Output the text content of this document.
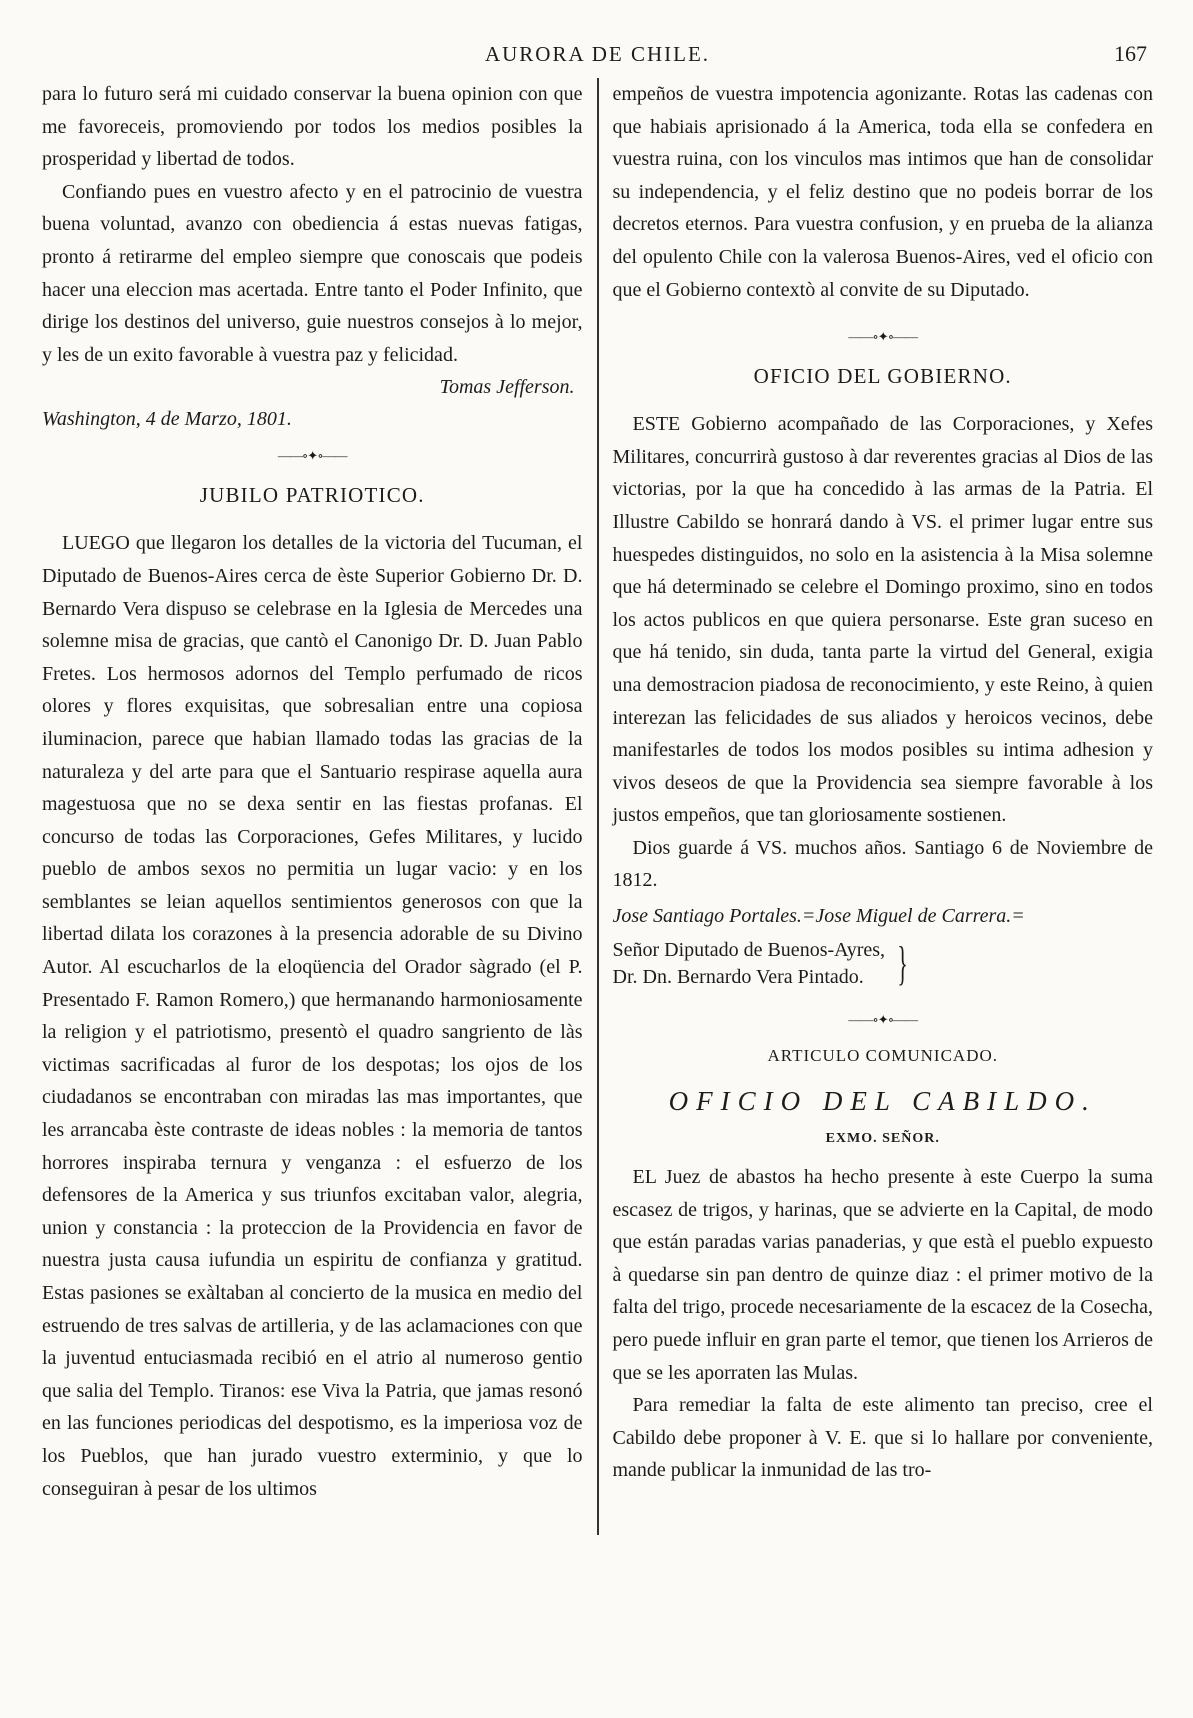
AURORA DE CHILE.	167

para lo futuro será mi cuidado conservar la buena opinion con que me favoreceis, promoviendo por todos los medios posibles la prosperidad y libertad de todos.

Confiando pues en vuestro afecto y en el patrocinio de vuestra buena voluntad, avanzo con obediencia á estas nuevas fatigas, pronto á retirarme del empleo siempre que conoscais que podeis hacer una eleccion mas acertada. Entre tanto el Poder Infinito, que dirige los destinos del universo, guie nuestros consejos à lo mejor, y les de un exito favorable à vuestra paz y felicidad.

Tomas Jefferson.

Washington, 4 de Marzo, 1801.

——∘✦∘——
JUBILO PATRIOTICO.

LUEGO que llegaron los detalles de la victoria del Tucuman, el Diputado de Buenos-Aires cerca de èste Superior Gobierno Dr. D. Bernardo Vera dispuso se celebrase en la Iglesia de Mercedes una solemne misa de gracias, que cantò el Canonigo Dr. D. Juan Pablo Fretes. Los hermosos adornos del Templo perfumado de ricos olores y flores exquisitas, que sobresalian entre una copiosa iluminacion, parece que habian llamado todas las gracias de la naturaleza y del arte para que el Santuario respirase aquella aura magestuosa que no se dexa sentir en las fiestas profanas. El concurso de todas las Corporaciones, Gefes Militares, y lucido pueblo de ambos sexos no permitia un lugar vacio: y en los semblantes se leian aquellos sentimientos generosos con que la libertad dilata los corazones à la presencia adorable de su Divino Autor. Al escucharlos de la eloqüencia del Orador sàgrado (el P. Presentado F. Ramon Romero,) que hermanando harmoniosamente la religion y el patriotismo, presentò el quadro sangriento de làs victimas sacrificadas al furor de los despotas; los ojos de los ciudadanos se encontraban con miradas las mas importantes, que les arrancaba èste contraste de ideas nobles : la memoria de tantos horrores inspiraba ternura y venganza : el esfuerzo de los defensores de la America y sus triunfos excitaban valor, alegria, union y constancia : la proteccion de la Providencia en favor de nuestra justa causa iufundia un espiritu de confianza y gratitud. Estas pasiones se exàltaban al concierto de la musica en medio del estruendo de tres salvas de artilleria, y de las aclamaciones con que la juventud entuciasmada recibió en el atrio al numeroso gentio que salia del Templo. Tiranos: ese Viva la Patria, que jamas resonó en las funciones periodicas del despotismo, es la imperiosa voz de los Pueblos, que han jurado vuestro exterminio, y que lo conseguiran à pesar de los ultimos

empeños de vuestra impotencia agonizante. Rotas las cadenas con que habiais aprisionado á la America, toda ella se confedera en vuestra ruina, con los vinculos mas intimos que han de consolidar su independencia, y el feliz destino que no podeis borrar de los decretos eternos. Para vuestra confusion, y en prueba de la alianza del opulento Chile con la valerosa Buenos-Aires, ved el oficio con que el Gobierno contextò al convite de su Diputado.

——∘✦∘——
OFICIO DEL GOBIERNO.

ESTE Gobierno acompañado de las Corporaciones, y Xefes Militares, concurrirà gustoso à dar reverentes gracias al Dios de las victorias, por la que ha concedido à las armas de la Patria. El Illustre Cabildo se honrará dando à VS. el primer lugar entre sus huespedes distinguidos, no solo en la asistencia à la Misa solemne que há determinado se celebre el Domingo proximo, sino en todos los actos publicos en que quiera personarse. Este gran suceso en que há tenido, sin duda, tanta parte la virtud del General, exigia una demostracion piadosa de reconocimiento, y este Reino, à quien interezan las felicidades de sus aliados y heroicos vecinos, debe manifestarles de todos los modos posibles su intima adhesion y vivos deseos de que la Providencia sea siempre favorable à los justos empeños, que tan gloriosamente sostienen.

Dios guarde á VS. muchos años. Santiago 6 de Noviembre de 1812.

Jose Santiago Portales.=Jose Miguel de Carrera.=

Señor Diputado de Buenos-Ayres,
Dr. Dn. Bernardo Vera Pintado. }
——∘✦∘——
ARTICULO COMUNICADO.
OFICIO DEL CABILDO.
EXMO. SEÑOR.

EL Juez de abastos ha hecho presente à este Cuerpo la suma escasez de trigos, y harinas, que se advierte en la Capital, de modo que están paradas varias panaderias, y que està el pueblo expuesto à quedarse sin pan dentro de quinze diaz : el primer motivo de la falta del trigo, procede necesariamente de la escacez de la Cosecha, pero puede influir en gran parte el temor, que tienen los Arrieros de que se les aporraten las Mulas.

Para remediar la falta de este alimento tan preciso, cree el Cabildo debe proponer à V. E. que si lo hallare por conveniente, mande publicar la inmunidad de las tro-
